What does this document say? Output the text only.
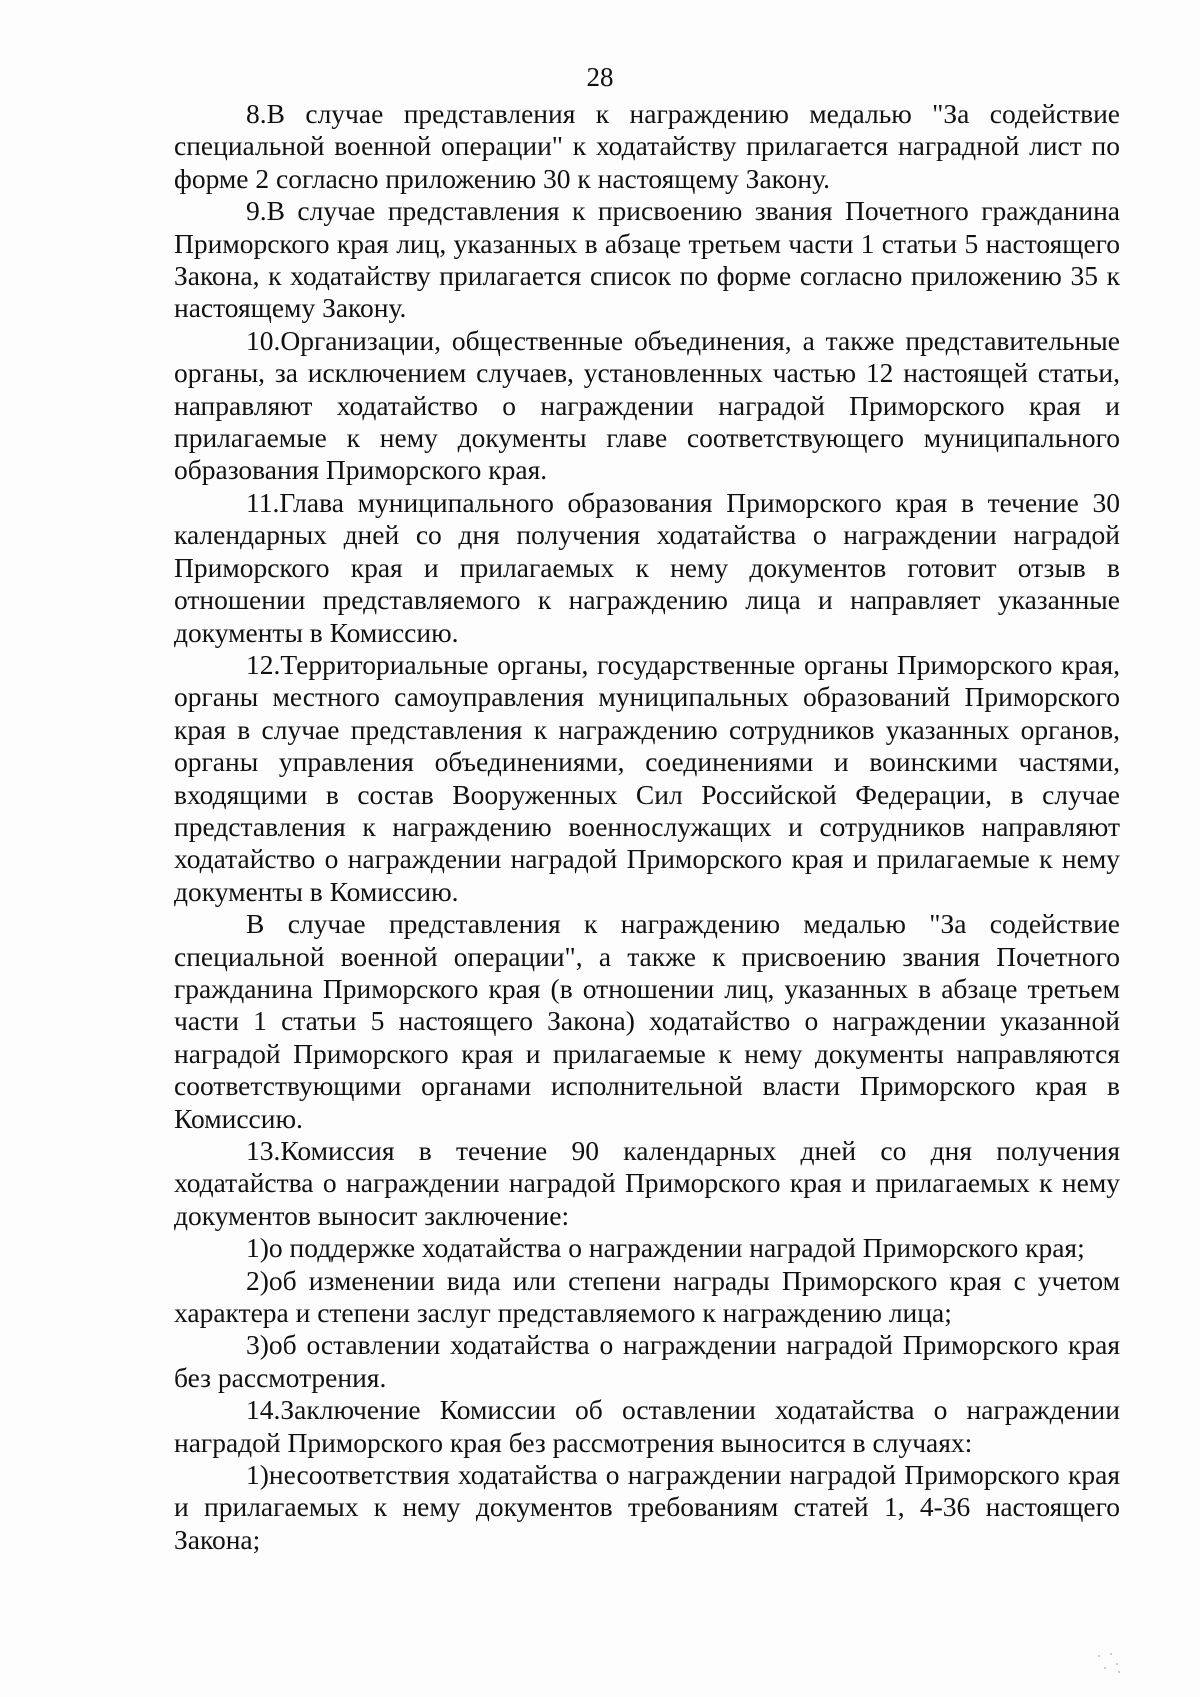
28

8.В случае представления к награждению медалью "За содействие специальной военной операции" к ходатайству прилагается наградной лист по форме 2 согласно приложению 30 к настоящему Закону.

9.В случае представления к присвоению звания Почетного гражданина Приморского края лиц, указанных в абзаце третьем части 1 статьи 5 настоящего Закона, к ходатайству прилагается список по форме согласно приложению 35 к настоящему Закону.

10.Организации, общественные объединения, а также представительные органы, за исключением случаев, установленных частью 12 настоящей статьи, направляют ходатайство о награждении наградой Приморского края и прилагаемые к нему документы главе соответствующего муниципального образования Приморского края.

11.Глава муниципального образования Приморского края в течение 30 календарных дней со дня получения ходатайства о награждении наградой Приморского края и прилагаемых к нему документов готовит отзыв в отношении представляемого к награждению лица и направляет указанные документы в Комиссию.

12.Территориальные органы, государственные органы Приморского края, органы местного самоуправления муниципальных образований Приморского края в случае представления к награждению сотрудников указанных органов, органы управления объединениями, соединениями и воинскими частями, входящими в состав Вооруженных Сил Российской Федерации, в случае представления к награждению военнослужащих и сотрудников направляют ходатайство о награждении наградой Приморского края и прилагаемые к нему документы в Комиссию.

В случае представления к награждению медалью "За содействие специальной военной операции", а также к присвоению звания Почетного гражданина Приморского края (в отношении лиц, указанных в абзаце третьем части 1 статьи 5 настоящего Закона) ходатайство о награждении указанной наградой Приморского края и прилагаемые к нему документы направляются соответствующими органами исполнительной власти Приморского края в Комиссию.

13.Комиссия в течение 90 календарных дней со дня получения ходатайства о награждении наградой Приморского края и прилагаемых к нему документов выносит заключение:

1)о поддержке ходатайства о награждении наградой Приморского края;

2)об изменении вида или степени награды Приморского края с учетом характера и степени заслуг представляемого к награждению лица;

3)об оставлении ходатайства о награждении наградой Приморского края без рассмотрения.

14.Заключение Комиссии об оставлении ходатайства о награждении наградой Приморского края без рассмотрения выносится в случаях:

1)несоответствия ходатайства о награждении наградой Приморского края и прилагаемых к нему документов требованиям статей 1, 4-36 настоящего Закона;
